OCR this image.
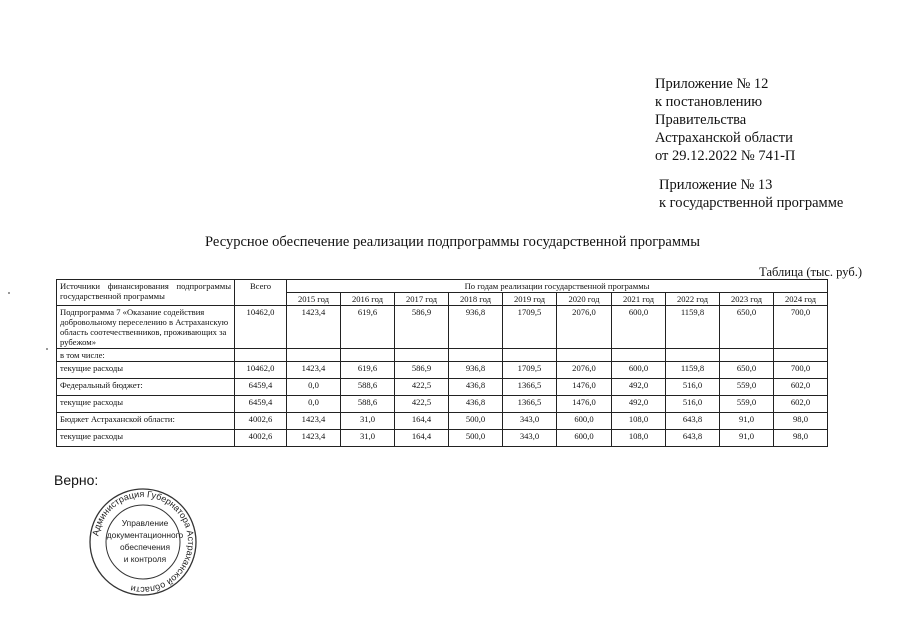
Приложение № 12
к постановлению
Правительства
Астраханской области
от 29.12.2022 № 741-П
Приложение № 13
к государственной программе
Ресурсное обеспечение реализации подпрограммы государственной программы
Таблица (тыс. руб.)
Источники финансирования подпрограммы государственной программы	Всего	По годам реализации государственной программы									
		2015 год	2016 год	2017 год	2018 год	2019 год	2020 год	2021 год	2022 год	2023 год	2024 год
Подпрограмма 7 «Оказание содействия добровольному переселению в Астраханскую область соотечественников, проживающих за рубежом»	10462,0	1423,4	619,6	586,9	936,8	1709,5	2076,0	600,0	1159,8	650,0	700,0
в том числе:											
текущие расходы	10462,0	1423,4	619,6	586,9	936,8	1709,5	2076,0	600,0	1159,8	650,0	700,0
Федеральный бюджет:	6459,4	0,0	588,6	422,5	436,8	1366,5	1476,0	492,0	516,0	559,0	602,0
текущие расходы	6459,4	0,0	588,6	422,5	436,8	1366,5	1476,0	492,0	516,0	559,0	602,0
Бюджет Астраханской области:	4002,6	1423,4	31,0	164,4	500,0	343,0	600,0	108,0	643,8	91,0	98,0
текущие расходы	4002,6	1423,4	31,0	164,4	500,0	343,0	600,0	108,0	643,8	91,0	98,0
Верно:
Администрация Губернатора Астраханской области
Управление
документационного
обеспечения
и контроля
